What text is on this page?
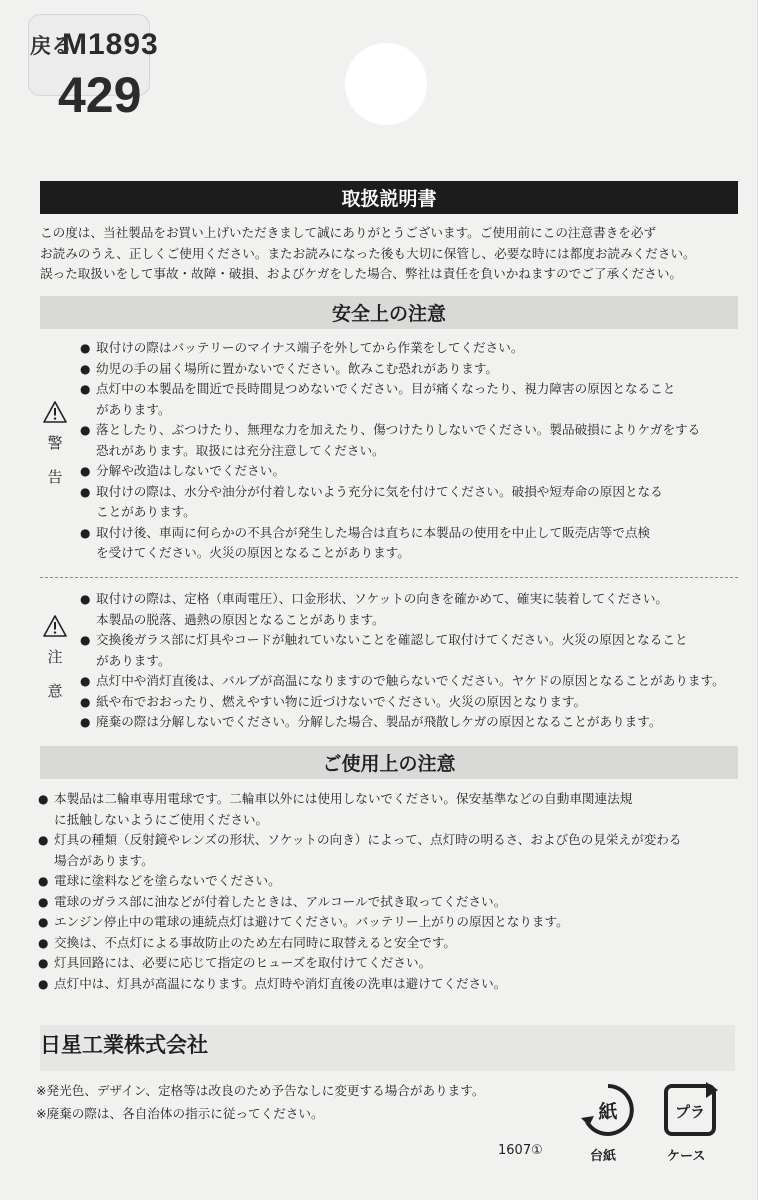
M1893
戻る
429
取扱説明書
この度は、当社製品をお買い上げいただきまして誠にありがとうございます。ご使用前にこの注意書きを必ず
お読みのうえ、正しくご使用ください。またお読みになった後も大切に保管し、必要な時には都度お読みください。
誤った取扱いをして事故・故障・破損、およびケガをした場合、弊社は責任を負いかねますのでご了承ください。
安全上の注意
警
告
● 取付けの際はバッテリーのマイナス端子を外してから作業をしてください。
● 幼児の手の届く場所に置かないでください。飲みこむ恐れがあります。
● 点灯中の本製品を間近で長時間見つめないでください。目が痛くなったり、視力障害の原因となること
があります。
● 落としたり、ぶつけたり、無理な力を加えたり、傷つけたりしないでください。製品破損によりケガをする
恐れがあります。取扱には充分注意してください。
● 分解や改造はしないでください。
● 取付けの際は、水分や油分が付着しないよう充分に気を付けてください。破損や短寿命の原因となる
ことがあります。
● 取付け後、車両に何らかの不具合が発生した場合は直ちに本製品の使用を中止して販売店等で点検
を受けてください。火災の原因となることがあります。
注
意
● 取付けの際は、定格（車両電圧）、口金形状、ソケットの向きを確かめて、確実に装着してください。
本製品の脱落、過熱の原因となることがあります。
● 交換後ガラス部に灯具やコードが触れていないことを確認して取付けてください。火災の原因となること
があります。
● 点灯中や消灯直後は、バルブが高温になりますので触らないでください。ヤケドの原因となることがあります。
● 紙や布でおおったり、燃えやすい物に近づけないでください。火災の原因となります。
● 廃棄の際は分解しないでください。分解した場合、製品が飛散しケガの原因となることがあります。
ご使用上の注意
● 本製品は二輪車専用電球です。二輪車以外には使用しないでください。保安基準などの自動車関連法規
に抵触しないようにご使用ください。
● 灯具の種類（反射鏡やレンズの形状、ソケットの向き）によって、点灯時の明るさ、および色の見栄えが変わる
場合があります。
● 電球に塗料などを塗らないでください。
● 電球のガラス部に油などが付着したときは、アルコールで拭き取ってください。
● エンジン停止中の電球の連続点灯は避けてください。バッテリー上がりの原因となります。
● 交換は、不点灯による事故防止のため左右同時に取替えると安全です。
● 灯具回路には、必要に応じて指定のヒューズを取付けてください。
● 点灯中は、灯具が高温になります。点灯時や消灯直後の洗車は避けてください。
日星工業株式会社

※発光色、デザイン、定格等は改良のため予告なしに変更する場合があります。

※廃棄の際は、各自治体の指示に従ってください。

1607①
紙
台紙
プラ
ケース
